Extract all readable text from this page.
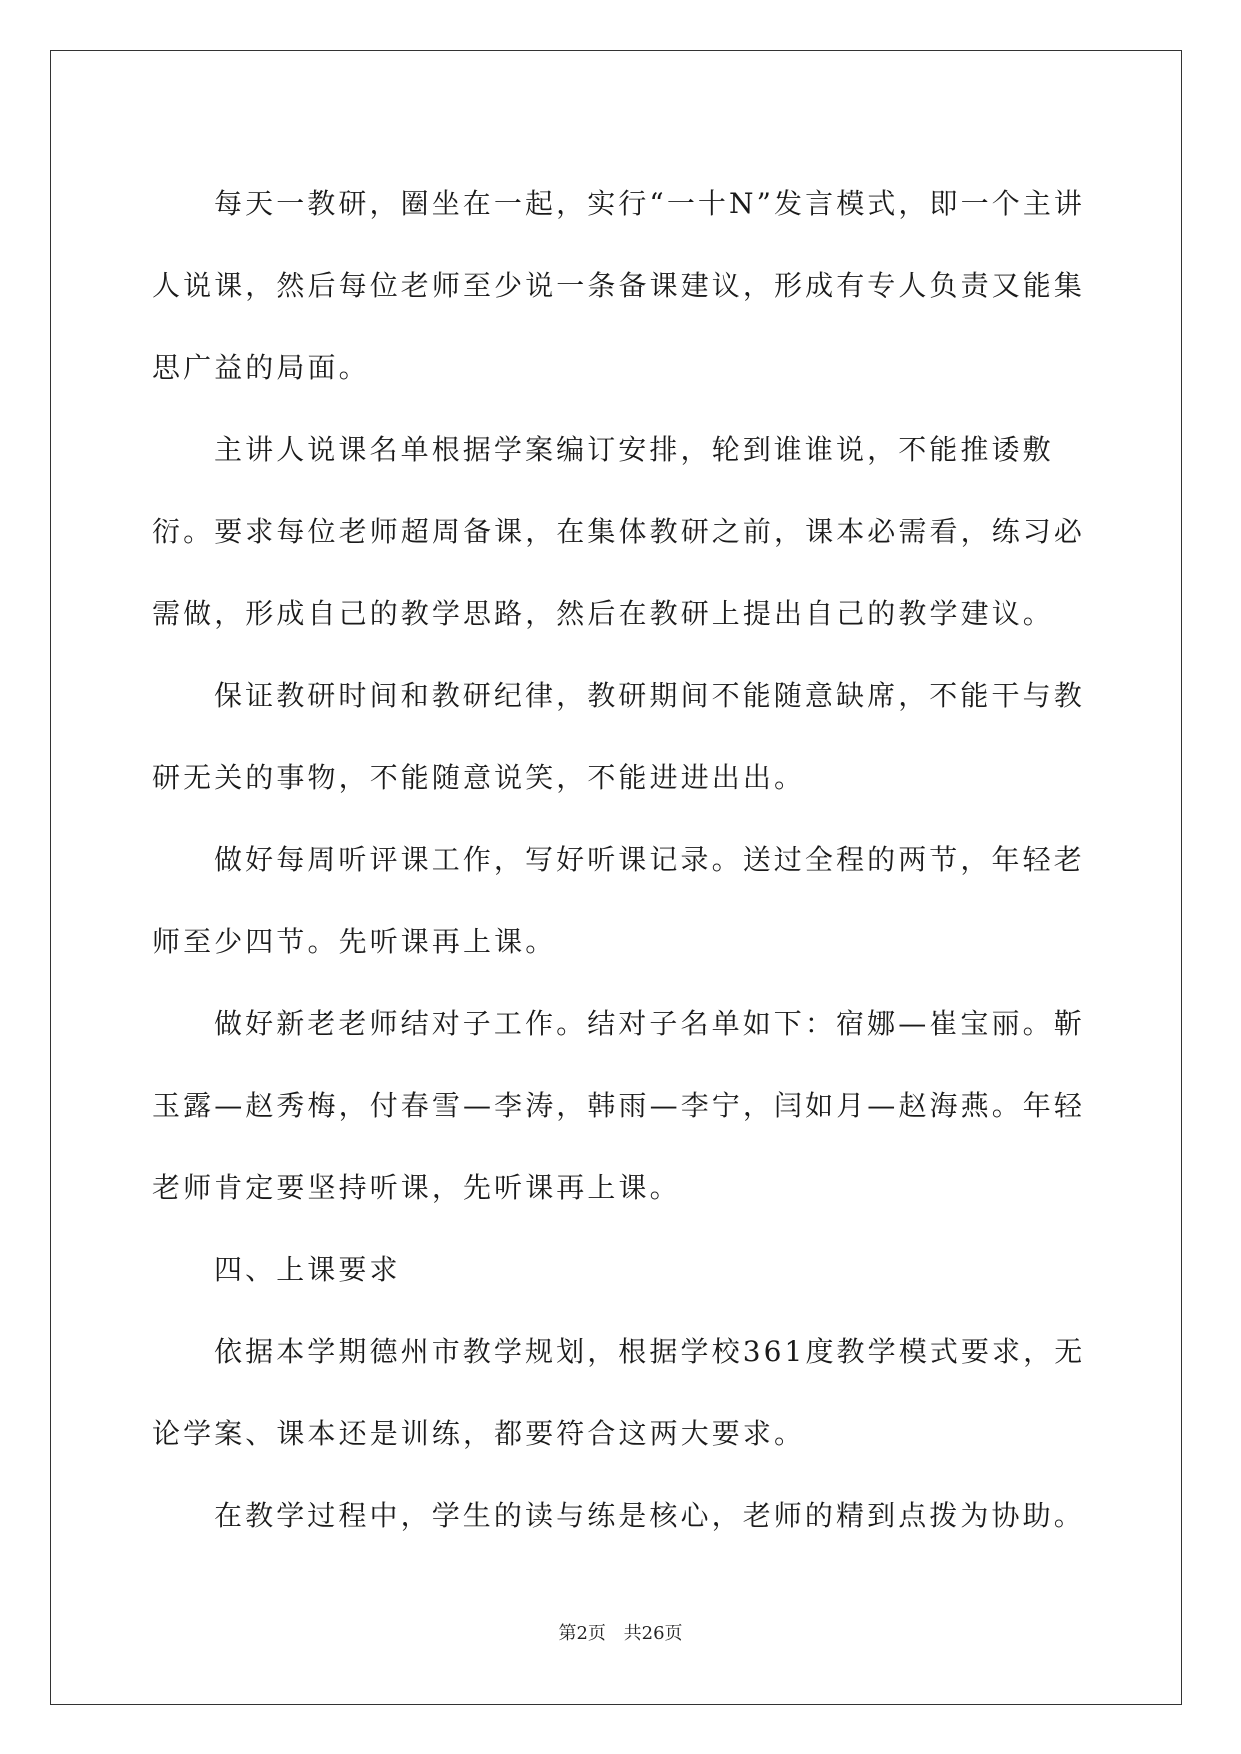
每天一教研，圈坐在一起，实行“一十N”发言模式，即一个主讲人说课，然后每位老师至少说一条备课建议，形成有专人负责又能集思广益的局面。

主讲人说课名单根据学案编订安排，轮到谁谁说，不能推诿敷衍。要求每位老师超周备课，在集体教研之前，课本必需看，练习必需做，形成自己的教学思路，然后在教研上提出自己的教学建议。

保证教研时间和教研纪律，教研期间不能随意缺席，不能干与教研无关的事物，不能随意说笑，不能进进出出。

做好每周听评课工作，写好听课记录。送过全程的两节，年轻老师至少四节。先听课再上课。

做好新老老师结对子工作。结对子名单如下：宿娜—崔宝丽。靳玉露—赵秀梅，付春雪—李涛，韩雨—李宁，闫如月—赵海燕。年轻老师肯定要坚持听课，先听课再上课。

四、上课要求

依据本学期德州市教学规划，根据学校361度教学模式要求，无论学案、课本还是训练，都要符合这两大要求。

在教学过程中，学生的读与练是核心，老师的精到点拨为协助。

第2页 共26页
